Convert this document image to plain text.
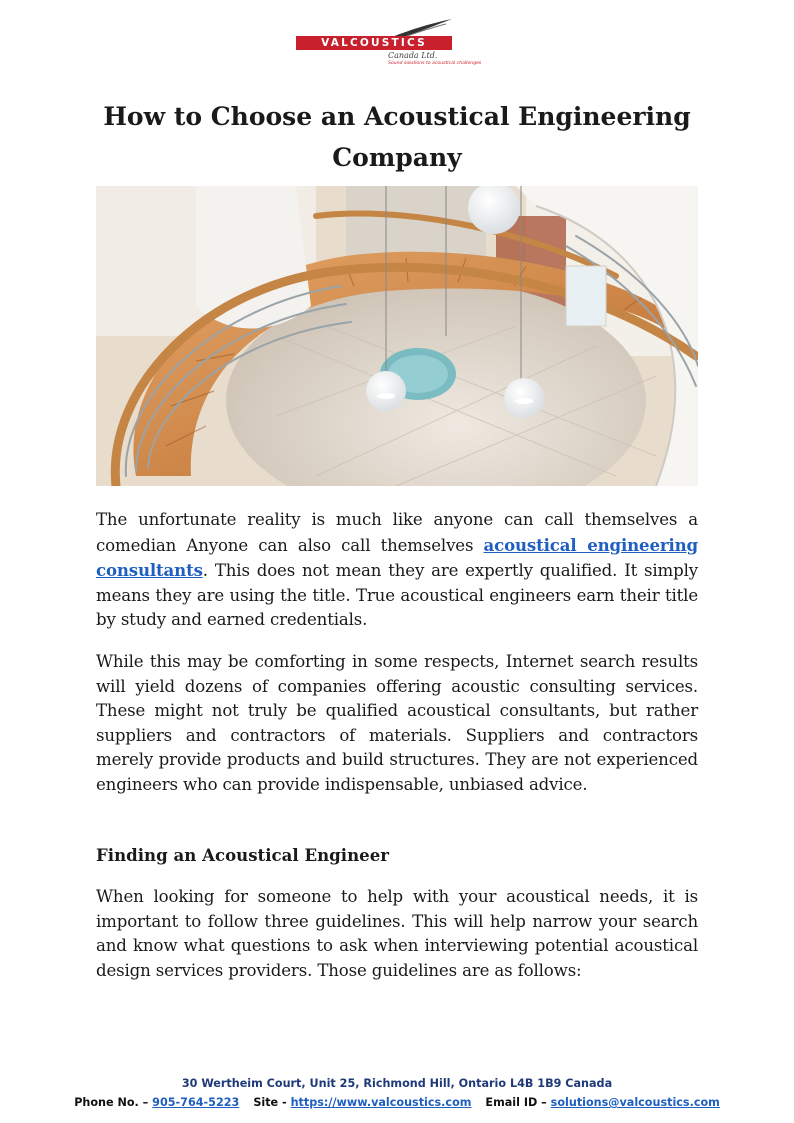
VALCOUSTICS
Canada Ltd.
Sound solutions to acoustical challenges
How to Choose an Acoustical Engineering Company

The unfortunate reality is much like anyone can call themselves a comedian Anyone can also call themselves acoustical engineering consultants. This does not mean they are expertly qualified. It simply means they are using the title. True acoustical engineers earn their title by study and earned credentials.

While this may be comforting in some respects, Internet search results will yield dozens of companies offering acoustic consulting services. These might not truly be qualified acoustical consultants, but rather suppliers and contractors of materials. Suppliers and contractors merely provide products and build structures. They are not experienced engineers who can provide indispensable, unbiased advice.

Finding an Acoustical Engineer

When looking for someone to help with your acoustical needs, it is important to follow three guidelines. This will help narrow your search and know what questions to ask when interviewing potential acoustical design services providers. Those guidelines are as follows:

30 Wertheim Court, Unit 25, Richmond Hill, Ontario L4B 1B9 Canada
Phone No. – 905-764-5223 Site - https://www.valcoustics.com Email ID – solutions@valcoustics.com
